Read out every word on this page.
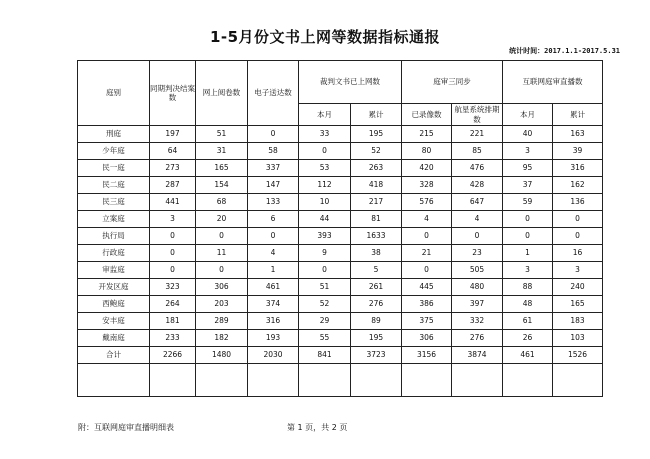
1-5月份文书上网等数据指标通报
统计时间：2017.1.1-2017.5.31
庭别	同期判决结案数	网上阅卷数	电子送达数	裁判文书已上网数		庭审三同步		互联网庭审直播数	
				本月	累计	已录像数	航星系统排期数	本月	累计
刑庭	197	51	0	33	195	215	221	40	163
少年庭	64	31	58	0	52	80	85	3	39
民一庭	273	165	337	53	263	420	476	95	316
民二庭	287	154	147	112	418	328	428	37	162
民三庭	441	68	133	10	217	576	647	59	136
立案庭	3	20	6	44	81	4	4	0	0
执行局	0	0	0	393	1633	0	0	0	0
行政庭	0	11	4	9	38	21	23	1	16
审监庭	0	0	1	0	5	0	505	3	3
开发区庭	323	306	461	51	261	445	480	88	240
西鲍庭	264	203	374	52	276	386	397	48	165
安丰庭	181	289	316	29	89	375	332	61	183
戴南庭	233	182	193	55	195	306	276	26	103
合计	2266	1480	2030	841	3723	3156	3874	461	1526

附：互联网庭审直播明细表	第 1 页，共 2 页
